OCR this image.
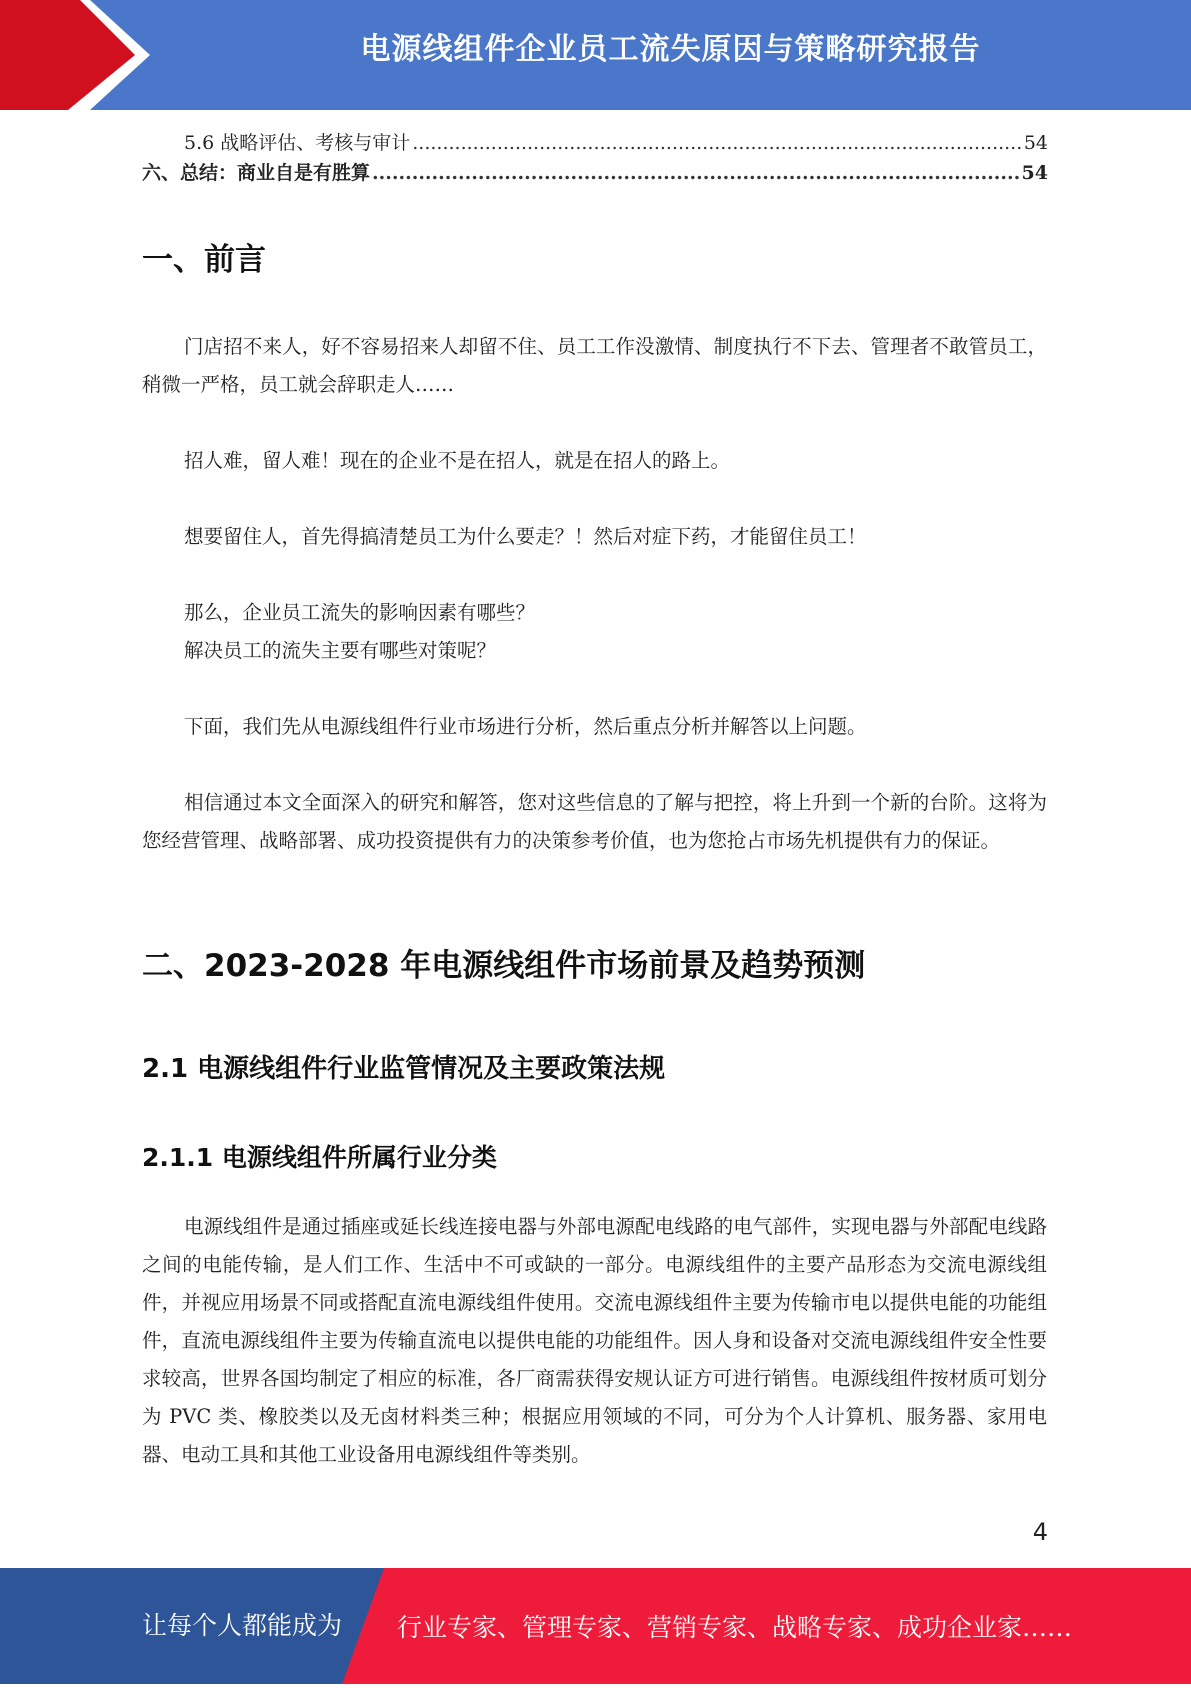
电源线组件企业员工流失原因与策略研究报告
5.6 战略评估、考核与审计 .....	54
六、总结：商业自是有胜算 .....	54
一、前言

门店招不来人，好不容易招来人却留不住、员工工作没激情、制度执行不下去、管理者不敢管员工，稍微一严格，员工就会辞职走人……

招人难，留人难！现在的企业不是在招人，就是在招人的路上。

想要留住人，首先得搞清楚员工为什么要走？！然后对症下药，才能留住员工！

那么，企业员工流失的影响因素有哪些？

解决员工的流失主要有哪些对策呢？

下面，我们先从电源线组件行业市场进行分析，然后重点分析并解答以上问题。

相信通过本文全面深入的研究和解答，您对这些信息的了解与把控，将上升到一个新的台阶。这将为您经营管理、战略部署、成功投资提供有力的决策参考价值，也为您抢占市场先机提供有力的保证。

二、2023-2028 年电源线组件市场前景及趋势预测
2.1 电源线组件行业监管情况及主要政策法规
2.1.1 电源线组件所属行业分类

电源线组件是通过插座或延长线连接电器与外部电源配电线路的电气部件，实现电器与外部配电线路之间的电能传输，是人们工作、生活中不可或缺的一部分。电源线组件的主要产品形态为交流电源线组件，并视应用场景不同或搭配直流电源线组件使用。交流电源线组件主要为传输市电以提供电能的功能组件，直流电源线组件主要为传输直流电以提供电能的功能组件。因人身和设备对交流电源线组件安全性要求较高，世界各国均制定了相应的标准，各厂商需获得安规认证方可进行销售。电源线组件按材质可划分为 PVC 类、橡胶类以及无卤材料类三种；根据应用领域的不同，可分为个人计算机、服务器、家用电器、电动工具和其他工业设备用电源线组件等类别。

4
让每个人都能成为 行业专家、管理专家、营销专家、战略专家、成功企业家……
